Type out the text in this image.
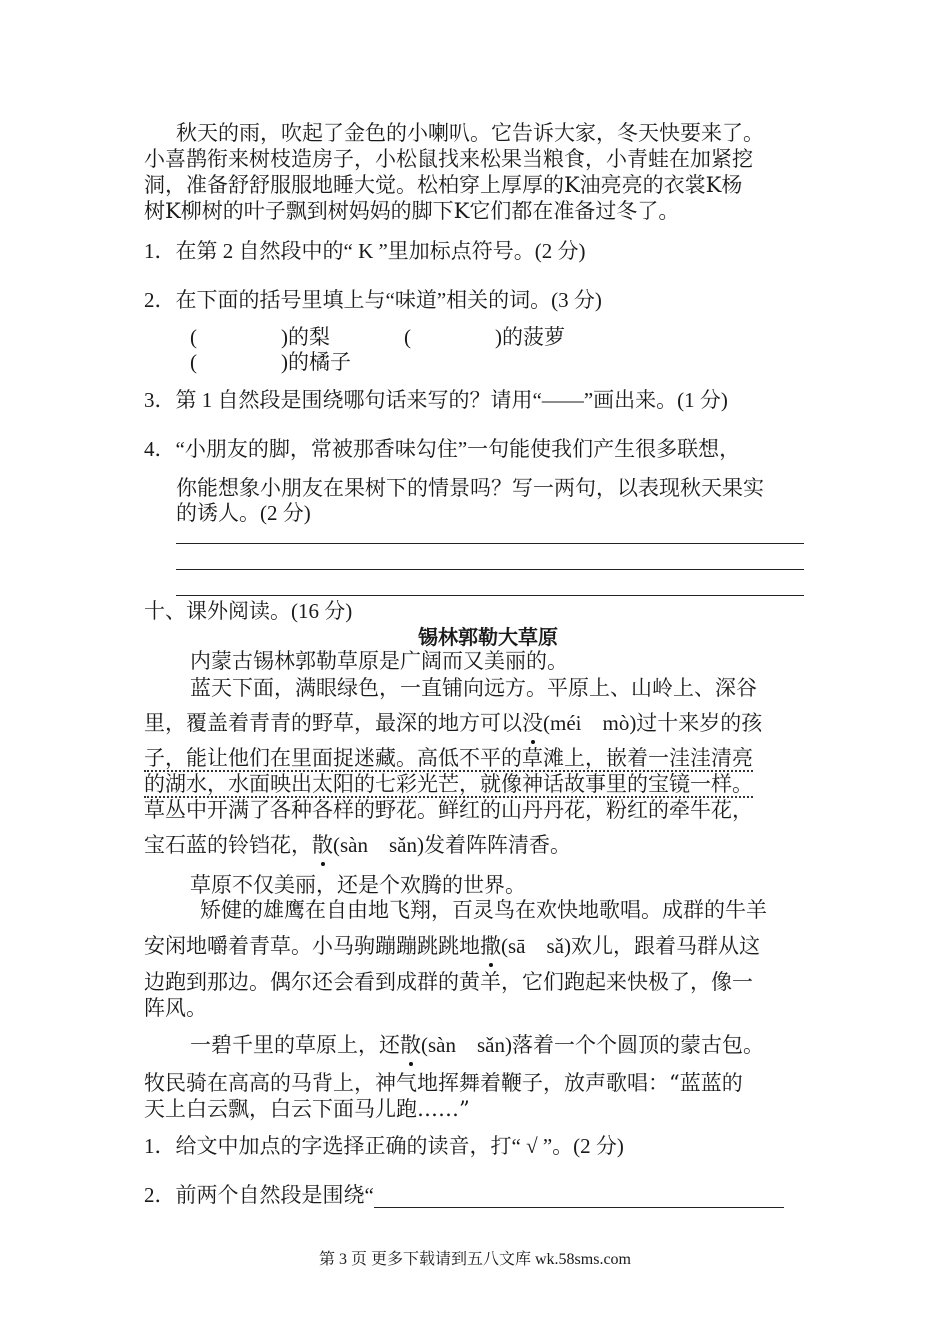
秋天的雨，吹起了金色的小喇叭。它告诉大家，冬天快要来了。
小喜鹊衔来树枝造房子，小松鼠找来松果当粮食，小青蛙在加紧挖
洞，准备舒舒服服地睡大觉。松柏穿上厚厚的K油亮亮的衣裳K杨
树K柳树的叶子飘到树妈妈的脚下K它们都在准备过冬了。
1．在第 2 自然段中的“ K ”里加标点符号。(2 分)
2．在下面的括号里填上与“味道”相关的词。(3 分)
(                )的梨	(                )的菠萝
(                )的橘子
3．第 1 自然段是围绕哪句话来写的？请用“——”画出来。(1 分)
4．“小朋友的脚，常被那香味勾住”一句能使我们产生很多联想，
你能想象小朋友在果树下的情景吗？写一两句，以表现秋天果实
的诱人。(2 分)
十、课外阅读。(16 分)
锡林郭勒大草原
内蒙古锡林郭勒草原是广阔而又美丽的。
蓝天下面，满眼绿色，一直铺向远方。平原上、山岭上、深谷
里，覆盖着青青的野草，最深的地方可以没(méi　mò)过十来岁的孩
子，能让他们在里面捉迷藏。高低不平的草滩上，嵌着一洼洼清亮
的湖水，水面映出太阳的七彩光芒，就像神话故事里的宝镜一样。
草丛中开满了各种各样的野花。鲜红的山丹丹花，粉红的牵牛花，
宝石蓝的铃铛花，散(sàn　sǎn)发着阵阵清香。
草原不仅美丽，还是个欢腾的世界。
矫健的雄鹰在自由地飞翔，百灵鸟在欢快地歌唱。成群的牛羊
安闲地嚼着青草。小马驹蹦蹦跳跳地撒(sā　sǎ)欢儿，跟着马群从这
边跑到那边。偶尔还会看到成群的黄羊，它们跑起来快极了，像一
阵风。
一碧千里的草原上，还散(sàn　sǎn)落着一个个圆顶的蒙古包。
牧民骑在高高的马背上，神气地挥舞着鞭子，放声歌唱：“蓝蓝的
天上白云飘，白云下面马儿跑……”
1．给文中加点的字选择正确的读音，打“ √ ”。(2 分)
2．前两个自然段是围绕“
第 3 页 更多下载请到五八文库 wk.58sms.com
